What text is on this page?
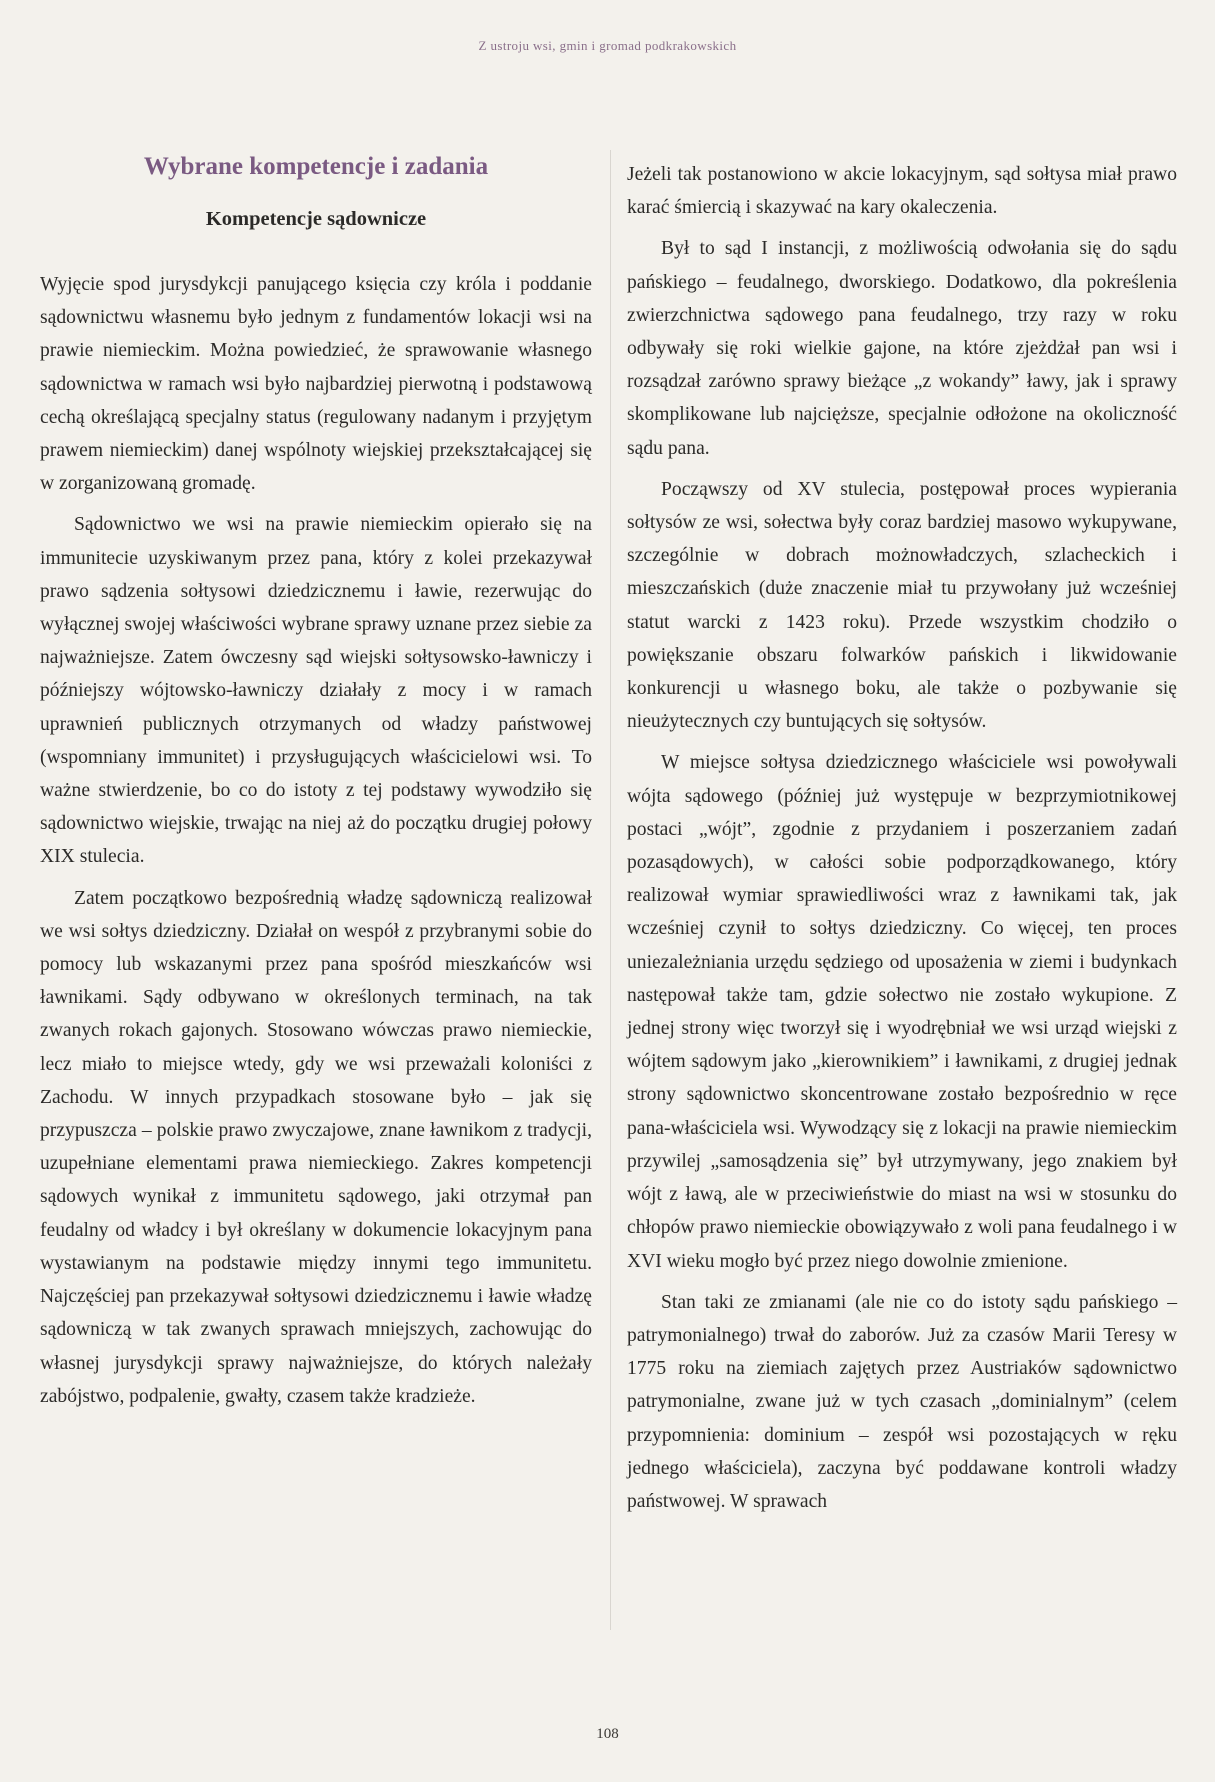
Z ustroju wsi, gmin i gromad podkrakowskich
Wybrane kompetencje i zadania
Kompetencje sądownicze

Wyjęcie spod jurysdykcji panującego księcia czy króla i poddanie sądownictwu własnemu było jednym z fundamentów lokacji wsi na prawie niemieckim. Można powiedzieć, że sprawowanie własnego sądownictwa w ramach wsi było najbardziej pierwotną i podstawową cechą określającą specjalny status (regulowany nadanym i przyjętym prawem niemieckim) danej wspólnoty wiejskiej przekształcającej się w zorganizowaną gromadę.

Sądownictwo we wsi na prawie niemieckim opierało się na immunitecie uzyskiwanym przez pana, który z kolei przekazywał prawo sądzenia sołtysowi dziedzicznemu i ławie, rezerwując do wyłącznej swojej właściwości wybrane sprawy uznane przez siebie za najważniejsze. Zatem ówczesny sąd wiejski sołtysowsko-ławniczy i późniejszy wójtowsko-ławniczy działały z mocy i w ramach uprawnień publicznych otrzymanych od władzy państwowej (wspomniany immunitet) i przysługujących właścicielowi wsi. To ważne stwierdzenie, bo co do istoty z tej podstawy wywodziło się sądownictwo wiejskie, trwając na niej aż do początku drugiej połowy XIX stulecia.

Zatem początkowo bezpośrednią władzę sądowniczą realizował we wsi sołtys dziedziczny. Działał on wespół z przybranymi sobie do pomocy lub wskazanymi przez pana spośród mieszkańców wsi ławnikami. Sądy odbywano w określonych terminach, na tak zwanych rokach gajonych. Stosowano wówczas prawo niemieckie, lecz miało to miejsce wtedy, gdy we wsi przeważali koloniści z Zachodu. W innych przypadkach stosowane było – jak się przypuszcza – polskie prawo zwyczajowe, znane ławnikom z tradycji, uzupełniane elementami prawa niemieckiego. Zakres kompetencji sądowych wynikał z immunitetu sądowego, jaki otrzymał pan feudalny od władcy i był określany w dokumencie lokacyjnym pana wystawianym na podstawie między innymi tego immunitetu. Najczęściej pan przekazywał sołtysowi dziedzicznemu i ławie władzę sądowniczą w tak zwanych sprawach mniejszych, zachowując do własnej jurysdykcji sprawy najważniejsze, do których należały zabójstwo, podpalenie, gwałty, czasem także kradzieże.

Jeżeli tak postanowiono w akcie lokacyjnym, sąd sołtysa miał prawo karać śmiercią i skazywać na kary okaleczenia.

Był to sąd I instancji, z możliwością odwołania się do sądu pańskiego – feudalnego, dworskiego. Dodatkowo, dla pokreślenia zwierzchnictwa sądowego pana feudalnego, trzy razy w roku odbywały się roki wielkie gajone, na które zjeżdżał pan wsi i rozsądzał zarówno sprawy bieżące „z wokandy” ławy, jak i sprawy skomplikowane lub najcięższe, specjalnie odłożone na okoliczność sądu pana.

Począwszy od XV stulecia, postępował proces wypierania sołtysów ze wsi, sołectwa były coraz bardziej masowo wykupywane, szczególnie w dobrach możnowładczych, szlacheckich i mieszczańskich (duże znaczenie miał tu przywołany już wcześniej statut warcki z 1423 roku). Przede wszystkim chodziło o powiększanie obszaru folwarków pańskich i likwidowanie konkurencji u własnego boku, ale także o pozbywanie się nieużytecznych czy buntujących się sołtysów.

W miejsce sołtysa dziedzicznego właściciele wsi powoływali wójta sądowego (później już występuje w bezprzymiotnikowej postaci „wójt”, zgodnie z przydaniem i poszerzaniem zadań pozasądowych), w całości sobie podporządkowanego, który realizował wymiar sprawiedliwości wraz z ławnikami tak, jak wcześniej czynił to sołtys dziedziczny. Co więcej, ten proces uniezależniania urzędu sędziego od uposażenia w ziemi i budynkach następował także tam, gdzie sołectwo nie zostało wykupione. Z jednej strony więc tworzył się i wyodrębniał we wsi urząd wiejski z wójtem sądowym jako „kierownikiem” i ławnikami, z drugiej jednak strony sądownictwo skoncentrowane zostało bezpośrednio w ręce pana-właściciela wsi. Wywodzący się z lokacji na prawie niemieckim przywilej „samosądzenia się” był utrzymywany, jego znakiem był wójt z ławą, ale w przeciwieństwie do miast na wsi w stosunku do chłopów prawo niemieckie obowiązywało z woli pana feudalnego i w XVI wieku mogło być przez niego dowolnie zmienione.

Stan taki ze zmianami (ale nie co do istoty sądu pańskiego – patrymonialnego) trwał do zaborów. Już za czasów Marii Teresy w 1775 roku na ziemiach zajętych przez Austriaków sądownictwo patrymonialne, zwane już w tych czasach „dominialnym” (celem przypomnienia: dominium – zespół wsi pozostających w ręku jednego właściciela), zaczyna być poddawane kontroli władzy państwowej. W sprawach

108
